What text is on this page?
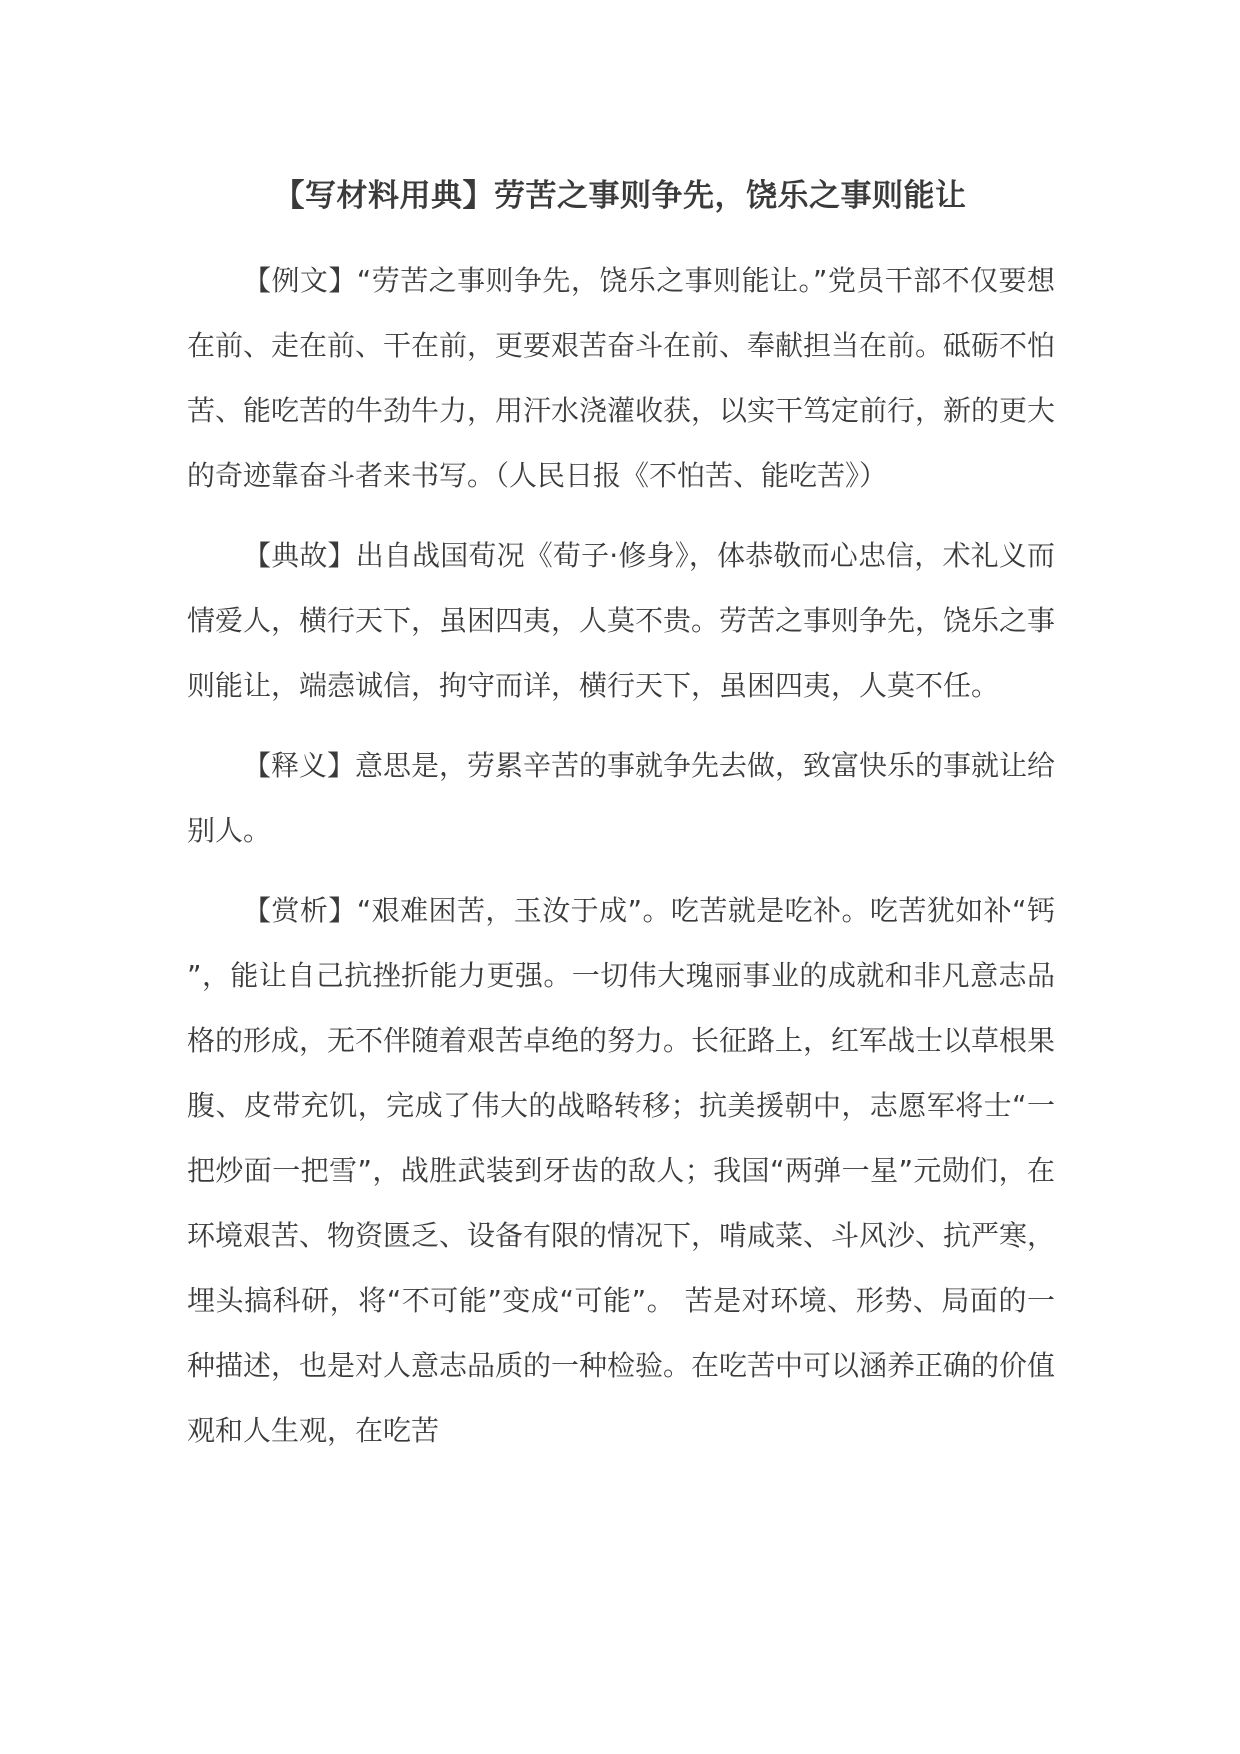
【写材料用典】劳苦之事则争先，饶乐之事则能让

【例文】“劳苦之事则争先，饶乐之事则能让。”党员干部不仅要想在前、走在前、干在前，更要艰苦奋斗在前、奉献担当在前。砥砺不怕苦、能吃苦的牛劲牛力，用汗水浇灌收获，以实干笃定前行，新的更大的奇迹靠奋斗者来书写。（人民日报《不怕苦、能吃苦》）

【典故】出自战国荀况《荀子·修身》，体恭敬而心忠信，术礼义而情爱人，横行天下，虽困四夷，人莫不贵。劳苦之事则争先，饶乐之事则能让，端悫诚信，拘守而详，横行天下，虽困四夷，人莫不任。

【释义】意思是，劳累辛苦的事就争先去做，致富快乐的事就让给别人。

【赏析】“艰难困苦，玉汝于成”。吃苦就是吃补。吃苦犹如补“钙”，能让自己抗挫折能力更强。一切伟大瑰丽事业的成就和非凡意志品格的形成，无不伴随着艰苦卓绝的努力。长征路上，红军战士以草根果腹、皮带充饥，完成了伟大的战略转移；抗美援朝中，志愿军将士“一把炒面一把雪”，战胜武装到牙齿的敌人；我国“两弹一星”元勋们，在环境艰苦、物资匮乏、设备有限的情况下，啃咸菜、斗风沙、抗严寒，埋头搞科研，将“不可能”变成“可能”。 苦是对环境、形势、局面的一种描述，也是对人意志品质的一种检验。在吃苦中可以涵养正确的价值观和人生观，在吃苦
